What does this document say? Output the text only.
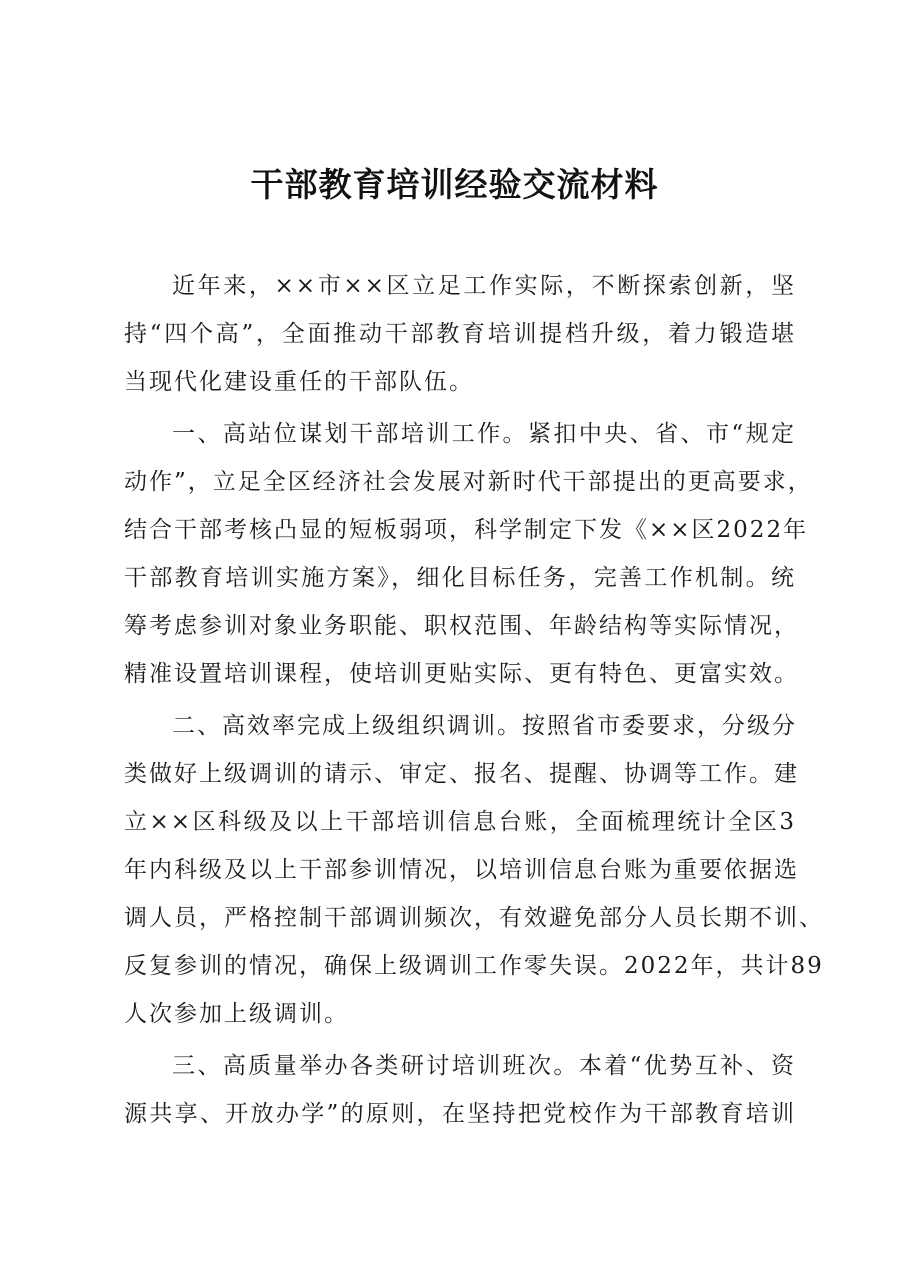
干部教育培训经验交流材料
近年来，××市××区立足工作实际，不断探索创新，坚
持“四个高”，全面推动干部教育培训提档升级，着力锻造堪
当现代化建设重任的干部队伍。
一、高站位谋划干部培训工作。紧扣中央、省、市“规定
动作”，立足全区经济社会发展对新时代干部提出的更高要求，
结合干部考核凸显的短板弱项，科学制定下发《××区2022年
干部教育培训实施方案》，细化目标任务，完善工作机制。统
筹考虑参训对象业务职能、职权范围、年龄结构等实际情况，
精准设置培训课程，使培训更贴实际、更有特色、更富实效。
二、高效率完成上级组织调训。按照省市委要求，分级分
类做好上级调训的请示、审定、报名、提醒、协调等工作。建
立××区科级及以上干部培训信息台账，全面梳理统计全区3
年内科级及以上干部参训情况，以培训信息台账为重要依据选
调人员，严格控制干部调训频次，有效避免部分人员长期不训、
反复参训的情况，确保上级调训工作零失误。2022年，共计89
人次参加上级调训。
三、高质量举办各类研讨培训班次。本着“优势互补、资
源共享、开放办学”的原则，在坚持把党校作为干部教育培训
